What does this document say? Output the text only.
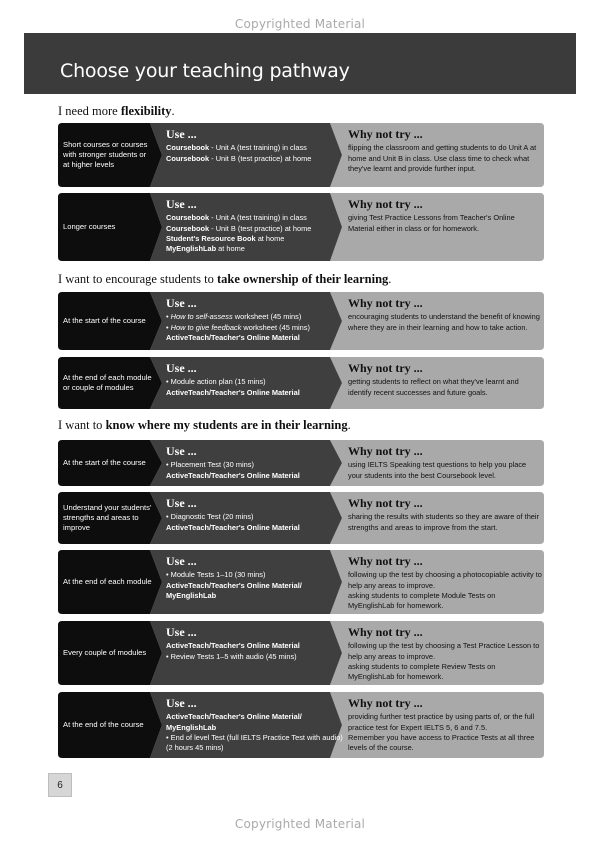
Copyrighted Material
Choose your teaching pathway
I need more flexibility.
Short courses or courses with stronger students or at higher levels
Use ...
Coursebook - Unit A (test training) in class
Coursebook - Unit B (test practice) at home
Why not try ...
flipping the classroom and getting students to do Unit A at home and Unit B in class. Use class time to check what they've learnt and provide further input.
Longer courses
Use ...
Coursebook - Unit A (test training) in class
Coursebook - Unit B (test practice) at home
Student's Resource Book at home
MyEnglishLab at home
Why not try ...
giving Test Practice Lessons from Teacher's Online Material either in class or for homework.
I want to encourage students to take ownership of their learning.
At the start of the course
Use ...
• How to self-assess worksheet (45 mins)
• How to give feedback worksheet (45 mins)
ActiveTeach/Teacher's Online Material
Why not try ...
encouraging students to understand the benefit of knowing where they are in their learning and how to take action.
At the end of each module or couple of modules
Use ...
• Module action plan (15 mins)
ActiveTeach/Teacher's Online Material
Why not try ...
getting students to reflect on what they've learnt and identify recent successes and future goals.
I want to know where my students are in their learning.
At the start of the course
Use ...
• Placement Test (30 mins)
ActiveTeach/Teacher's Online Material
Why not try ...
using IELTS Speaking test questions to help you place your students into the best Coursebook level.
Understand your students' strengths and areas to improve
Use ...
• Diagnostic Test (20 mins)
ActiveTeach/Teacher's Online Material
Why not try ...
sharing the results with students so they are aware of their strengths and areas to improve from the start.
At the end of each module
Use ...
• Module Tests 1–10 (30 mins)
ActiveTeach/Teacher's Online Material/ MyEnglishLab
Why not try ...
following up the test by choosing a photocopiable activity to help any areas to improve.
asking students to complete Module Tests on MyEnglishLab for homework.
Every couple of modules
Use ...
ActiveTeach/Teacher's Online Material
• Review Tests 1–5 with audio (45 mins)
Why not try ...
following up the test by choosing a Test Practice Lesson to help any areas to improve.
asking students to complete Review Tests on MyEnglishLab for homework.
At the end of the course
Use ...
ActiveTeach/Teacher's Online Material/ MyEnglishLab
• End of level Test (full IELTS Practice Test with audio) (2 hours 45 mins)
Why not try ...
providing further test practice by using parts of, or the full practice test for Expert IELTS 5, 6 and 7.5.
Remember you have access to Practice Tests at all three levels of the course.
6
Copyrighted Material
